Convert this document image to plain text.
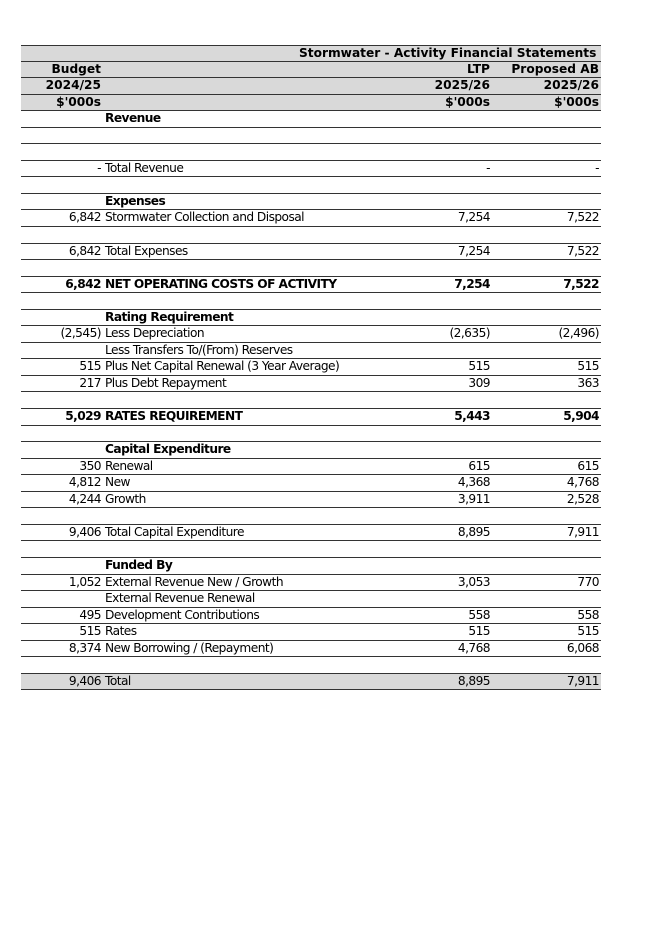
Stormwater - Activity Financial Statements
Budget	LTP	Proposed AB
2024/25	2025/26	2025/26
$'000s	$'000s	$'000s
Revenue
- Total Revenue	-	-
Expenses
6,842 Stormwater Collection and Disposal	7,254	7,522
6,842 Total Expenses	7,254	7,522
6,842 NET OPERATING COSTS OF ACTIVITY	7,254	7,522
Rating Requirement
(2,545) Less Depreciation	(2,635)	(2,496)
Less Transfers To/(From) Reserves
515 Plus Net Capital Renewal (3 Year Average)	515	515
217 Plus Debt Repayment	309	363
5,029 RATES REQUIREMENT	5,443	5,904
Capital Expenditure
350 Renewal	615	615
4,812 New	4,368	4,768
4,244 Growth	3,911	2,528
9,406 Total Capital Expenditure	8,895	7,911
Funded By
1,052 External Revenue New / Growth	3,053	770
External Revenue Renewal
495 Development Contributions	558	558
515 Rates	515	515
8,374 New Borrowing / (Repayment)	4,768	6,068
9,406 Total	8,895	7,911
